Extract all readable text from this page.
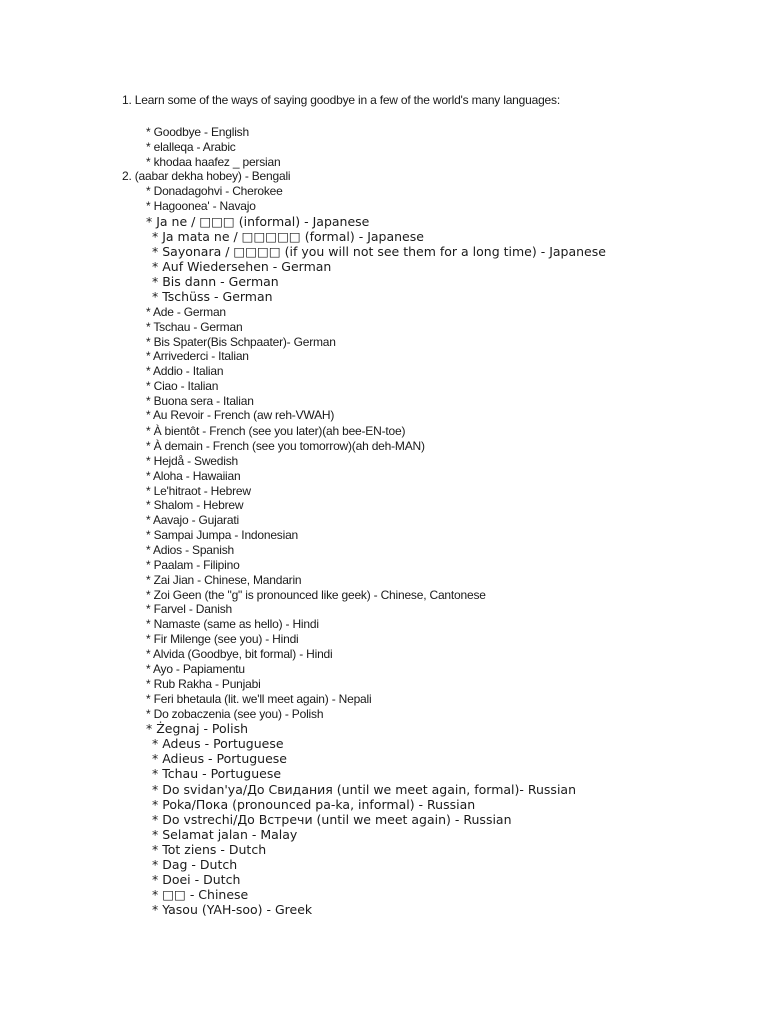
1. Learn some of the ways of saying goodbye in a few of the world's many languages:
* Goodbye - English
* elalleqa - Arabic
* khodaa haafez _ persian
2. (aabar dekha hobey) - Bengali
* Donadagohvi - Cherokee
* Hagoonea' - Navajo
* Ja ne / □□□ (informal) - Japanese
* Ja mata ne / □□□□□ (formal) - Japanese
* Sayonara / □□□□ (if you will not see them for a long time) - Japanese
* Auf Wiedersehen - German
* Bis dann - German
* Tschüss - German
* Ade - German
* Tschau - German
* Bis Spater(Bis Schpaater)- German
* Arrivederci - Italian
* Addio - Italian
* Ciao - Italian
* Buona sera - Italian
* Au Revoir - French (aw reh-VWAH)
* À bientôt - French (see you later)(ah bee-EN-toe)
* À demain - French (see you tomorrow)(ah deh-MAN)
* Hejdå - Swedish
* Aloha - Hawaiian
* Le'hitraot - Hebrew
* Shalom - Hebrew
* Aavajo - Gujarati
* Sampai Jumpa - Indonesian
* Adios - Spanish
* Paalam - Filipino
* Zai Jian - Chinese, Mandarin
* Zoi Geen (the "g" is pronounced like geek) - Chinese, Cantonese
* Farvel - Danish
* Namaste (same as hello) - Hindi
* Fir Milenge (see you) - Hindi
* Alvida (Goodbye, bit formal) - Hindi
* Ayo - Papiamentu
* Rub Rakha - Punjabi
* Feri bhetaula (lit. we'll meet again) - Nepali
* Do zobaczenia (see you) - Polish
* Żegnaj - Polish
* Adeus - Portuguese
* Adieus - Portuguese
* Tchau - Portuguese
* Do svidan'ya/До Свидания (until we meet again, formal)- Russian
* Poka/Пока (pronounced pa-ka, informal) - Russian
* Do vstrechi/До Встречи (until we meet again) - Russian
* Selamat jalan - Malay
* Tot ziens - Dutch
* Dag - Dutch
* Doei - Dutch
* □□ - Chinese
* Yasou (YAH-soo) - Greek
